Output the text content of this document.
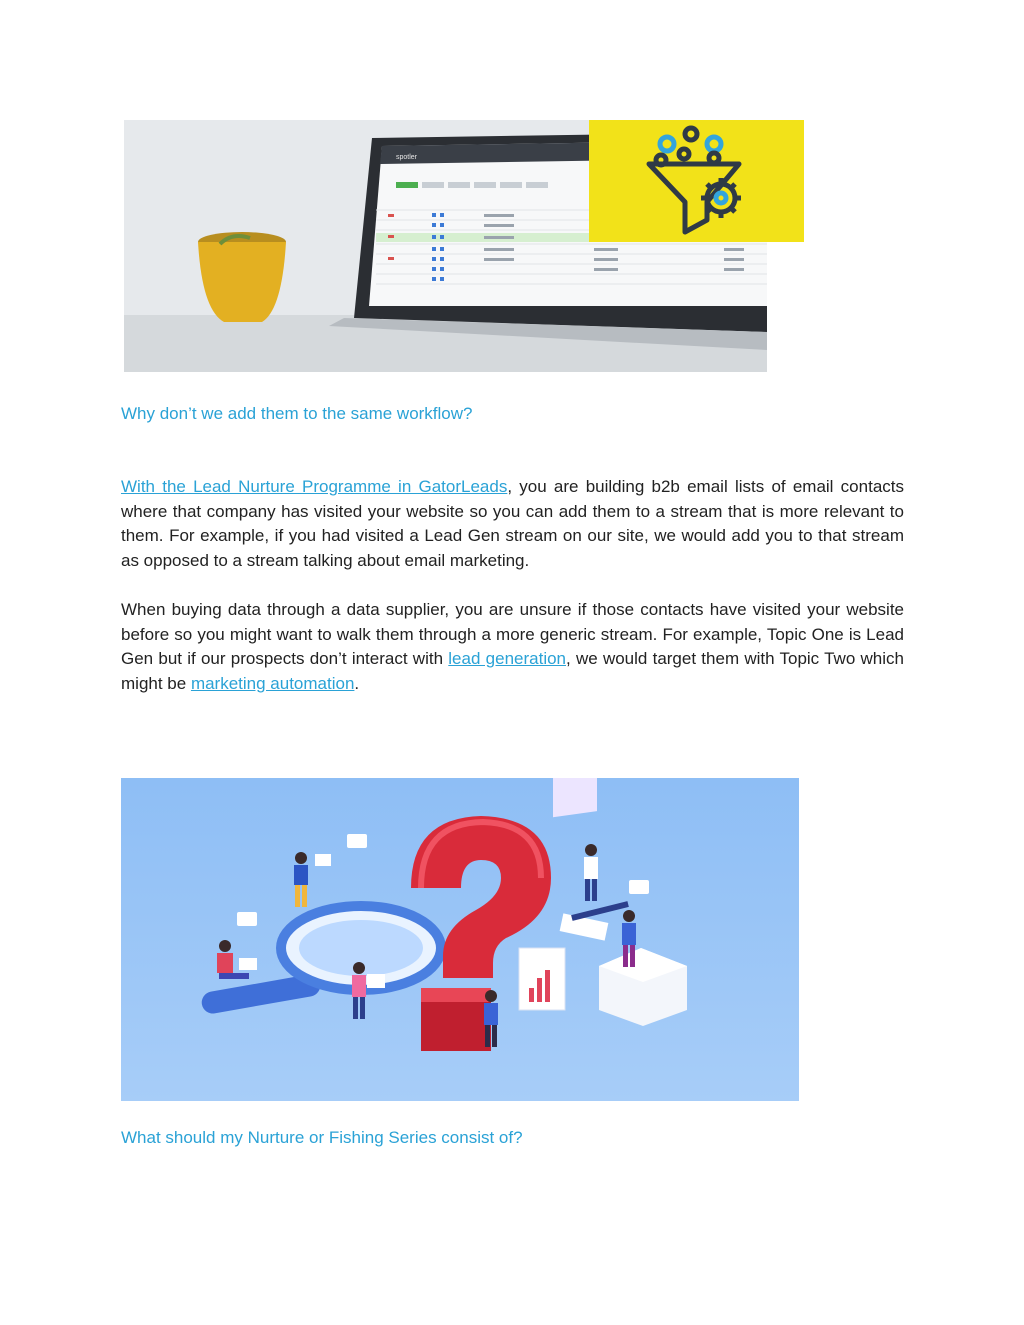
spotler
Why don’t we add them to the same workflow?
With the Lead Nurture Programme in GatorLeads, you are building b2b email lists of email contacts where that company has visited your website so you can add them to a stream that is more relevant to them. For example, if you had visited a Lead Gen stream on our site, we would add you to that stream as opposed to a stream talking about email marketing.
When buying data through a data supplier, you are unsure if those contacts have visited your website before so you might want to walk them through a more generic stream. For example, Topic One is Lead Gen but if our prospects don’t interact with lead generation, we would target them with Topic Two which might be marketing automation.
What should my Nurture or Fishing Series consist of?
